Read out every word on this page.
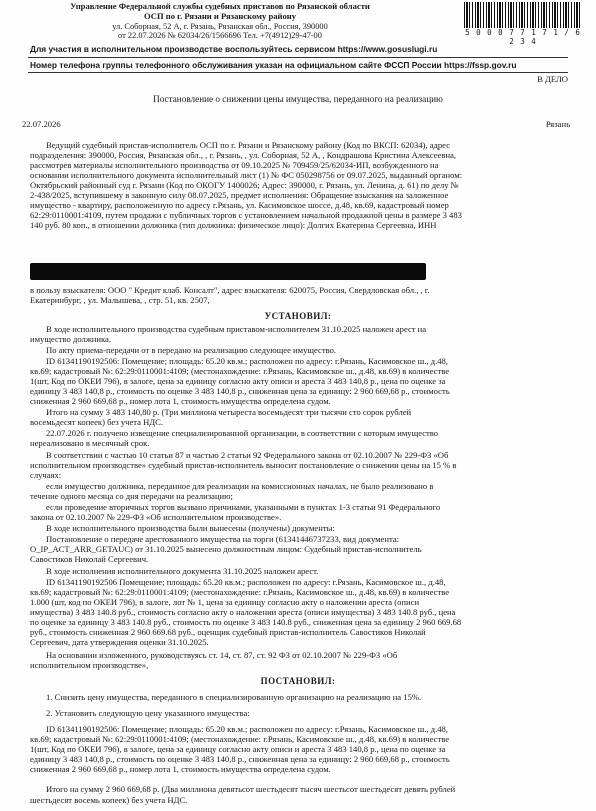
Управление Федеральной службы судебных приставов по Рязанской области
ОСП по г. Рязани и Рязанскому району
ул. Соборная, 52 А, г. Рязань, Рязанская обл., Россия, 390000
от 22.07.2026 № 62034/26/1566696 Тел. +7(4912)29-47-00	5 0 0 0 7 7 1 7 1 / 6 2 3 4
Для участия в исполнительном производстве воспользуйтесь сервисом https://www.gosuslugi.ru
Номер телефона группы телефонного обслуживания указан на официальном сайте ФССП России https://fssp.gov.ru
В ДЕЛО
Постановление о снижении цены имущества, переданного на реализацию
22.07.2026	Рязань
Ведущий судебный пристав-исполнитель ОСП по г. Рязани и Рязанскому району (Код по ВКСП: 62034), адрес
подразделения: 390000, Россия, Рязанская обл., , г. Рязань, , ул. Соборная, 52 А, , Кондрашова Кристина Алексеевна,
рассмотрев материалы исполнительного производства от 09.10.2025 № 709459/25/62034-ИП, возбужденного на
основании исполнительного документа исполнительный лист (1) № ФС 050298756 от 09.07.2025, выданный органом:
Октябрьский районный суд г. Рязани (Код по ОКОГУ 1400026; Адрес: 390000, г. Рязань, ул. Ленина, д. 61) по делу №
2-438/2025, вступившему в законную силу 08.07.2025, предмет исполнения: Обращение взыскания на заложенное
имущество - квартиру, расположенную по адресу г.Рязань, ул. Касимовское шоссе, д.48, кв.69, кадастровый номер
62:29:0110001:4109, путем продажи с публичных торгов с установлением начальной продажной цены в размере 3 483
140 руб. 80 коп., в отношении должника (тип должника: физическое лицо): Долгих Екатерина Сергеевна, ИНН
в пользу взыскателя: ООО " Кредит клаб. Консалт", адрес взыскателя: 620075, Россия, Свердловская обл., , г.
Екатеринбург, , ул. Малышева, , стр. 51, кв. 2507,
УСТАНОВИЛ:
В ходе исполнительного производства судебным приставом-исполнителем 31.10.2025 наложен арест на
имущество должника.
По акту приема-передачи от в передано на реализацию следующее имущество.
ID 61341190192506: Помещение; площадь: 65.20 кв.м.; расположен по адресу: г.Рязань, Касимовское ш., д.48,
кв.69; кадастровый №: 62:29:0110001:4109; (местонахождение: г.Рязань, Касимовское ш., д.48, кв.69) в количестве
1(шт, Код по ОКЕИ 796), в залоге, цена за единицу согласно акту описи и ареста 3 483 140,8 р., цена по оценке за
единицу 3 483 140,8 р., стоимость по оценке 3 483 140,8 р., сниженная цена за единицу: 2 960 669,68 р., стоимость
сниженная 2 960 669,68 р., номер лота 1, стоимость имущества определена судом.
Итого на сумму 3 483 140,80 р. (Три миллиона четыреста восемьдесят три тысячи сто сорок рублей
восемьдесят копеек) без учета НДС.
22.07.2026 г. получено извещение специализированной организации, в соответствии с которым имущество
нереализовано в месячный срок.
В соответствии с частью 10 статьи 87 и частью 2 статьи 92 Федерального закона от 02.10.2007 № 229-ФЗ «Об
исполнительном производстве» судебный пристав-исполнитель выносит постановление о снижении цены на 15 % в
случаях:
если имущество должника, переданное для реализации на комиссионных началах, не было реализовано в
течение одного месяца со дня передачи на реализацию;
если проведение вторичных торгов вызвано причинами, указанными в пунктах 1-3 статьи 91 Федерального
закона от 02.10.2007 № 229-ФЗ «Об исполнительном производстве».
В ходе исполнительного производства были вынесены (получены) документы:
Постановление о передаче арестованного имущества на торги (61341446737233, вид документа:
O_IP_ACT_ARR_GETAUC) от 31.10.2025 вынесено должностным лицом: Судебный пристав-исполнитель
Савостиков Николай Сергеевич.
В ходе исполнения исполнительного документа 31.10.2025 наложен арест.
ID 61341190192506 Помещение; площадь: 65.20 кв.м.; расположен по адресу: г.Рязань, Касимовское ш., д.48,
кв.69; кадастровый №: 62:29:0110001:4109; (местонахождение: г.Рязань, Касимовское ш., д.48, кв.69) в количестве
1.000 (шт, код по ОКЕИ 796), в залоге, лот № 1, цена за единицу согласно акту о наложении ареста (описи
имущества) 3 483 140.8 руб., стоимость согласно акту о наложении ареста (описи имущества) 3 483 140.8 руб., цена
по оценке за единицу 3 483 140.8 руб., стоимость по оценке 3 483 140.8 руб., сниженная цена за единицу 2 960 669.68
руб., стоимость сниженная 2 960 669.68 руб., оценщик судебный пристав-исполнитель Савостиков Николай
Сергеевич, дата утверждения оценки 31.10.2025.
На основании изложенного, руководствуясь ст. 14, ст. 87, ст. 92 ФЗ от 02.10.2007 № 229-ФЗ «Об
исполнительном производстве»,
ПОСТАНОВИЛ:
1. Снизить цену имущества, переданного в специализированную организацию на реализацию на 15%.
2. Установить следующую цену указанного имущества:
ID 61341190192506: Помещение; площадь: 65.20 кв.м.; расположен по адресу: г.Рязань, Касимовское ш., д.48,
кв.69; кадастровый №: 62:29:0110001:4109; (местонахождение: г.Рязань, Касимовское ш., д.48, кв.69) в количестве
1(шт, Код по ОКЕИ 796), в залоге, цена за единицу согласно акту описи и ареста 3 483 140,8 р., цена по оценке за
единицу 3 483 140,8 р., стоимость по оценке 3 483 140,8 р., сниженная цена за единицу: 2 960 669,68 р., стоимость
сниженная 2 960 669,68 р., номер лота 1, стоимость имущества определена судом.
Итого на сумму 2 960 669,68 р. (Два миллиона девятьсот шестьдесят тысяч шестьсот шестьдесят девять рублей
шестьдесят восемь копеек) без учета НДС.
